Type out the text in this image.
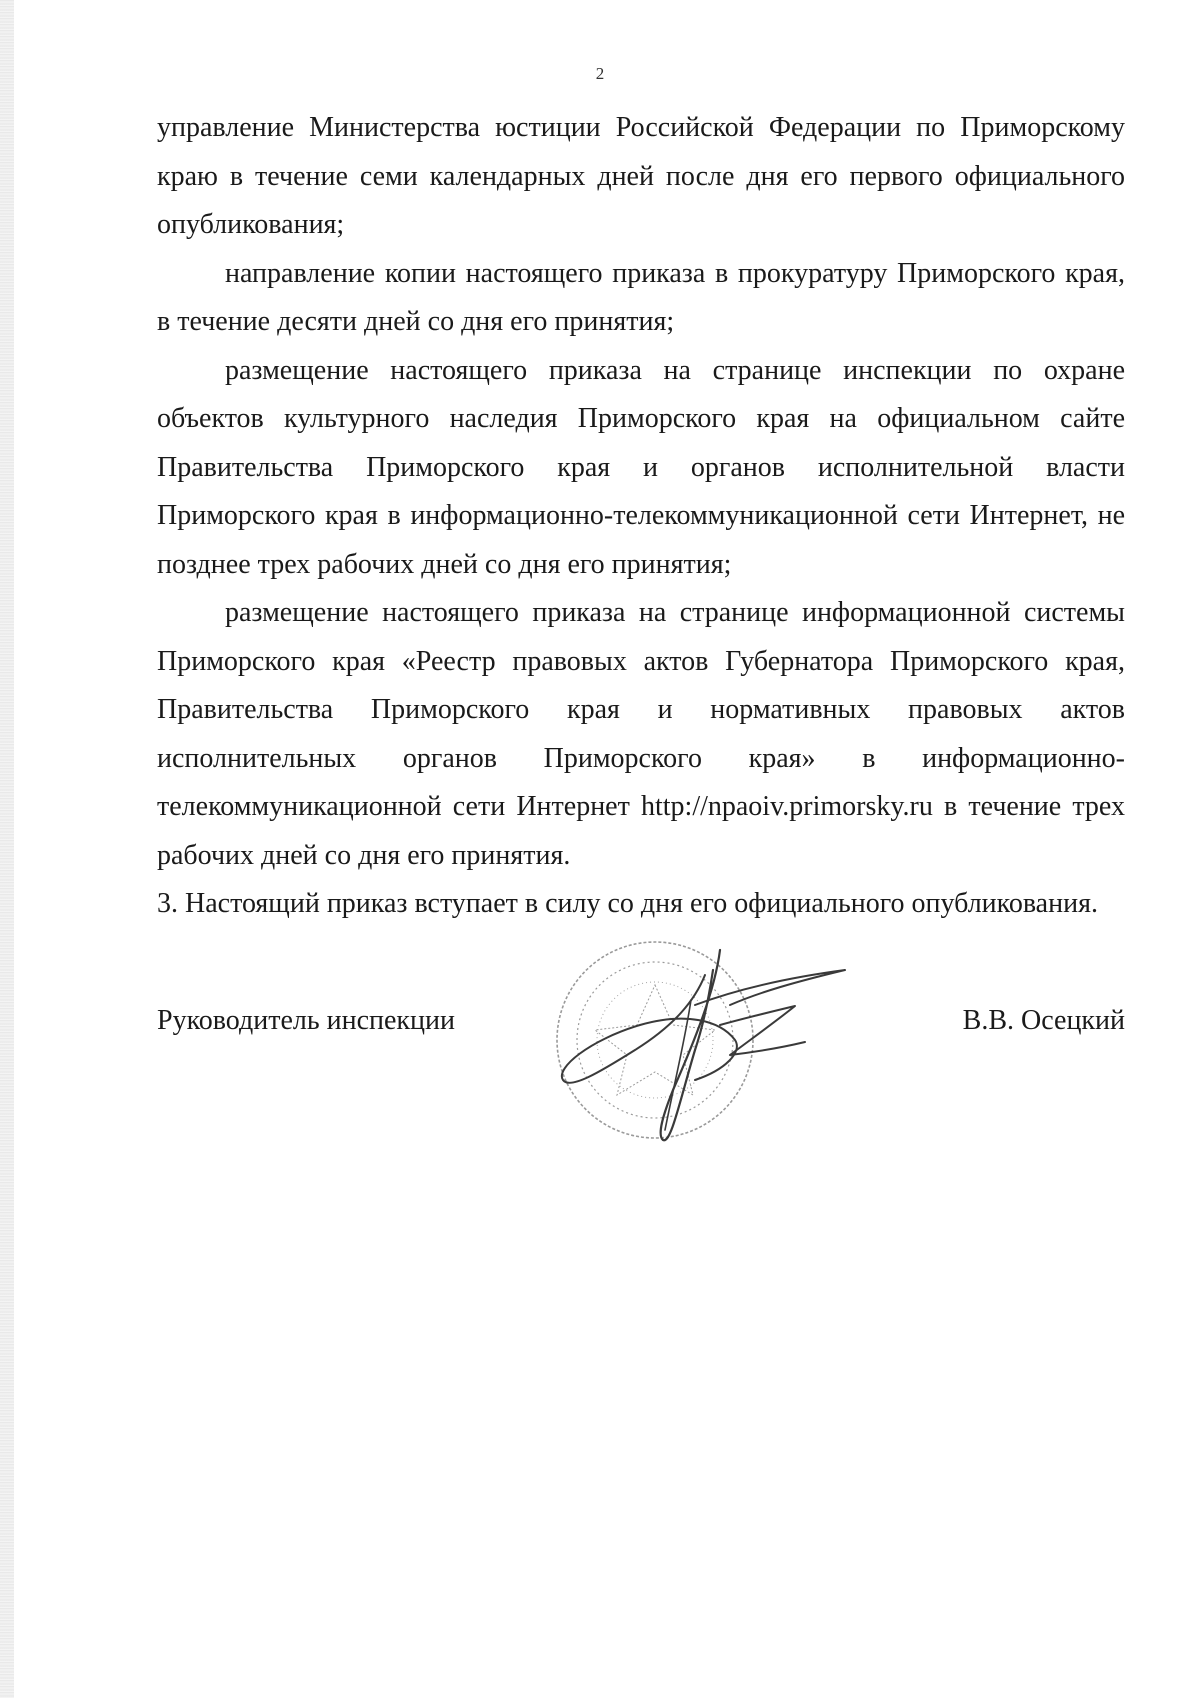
2

управление Министерства юстиции Российской Федерации по Приморскому краю в течение семи календарных дней после дня его первого официального опубликования;

направление копии настоящего приказа в прокуратуру Приморского края, в течение десяти дней со дня его принятия;

размещение настоящего приказа на странице инспекции по охране объектов культурного наследия Приморского края на официальном сайте Правительства Приморского края и органов исполнительной власти Приморского края в информационно-телекоммуникационной сети Интернет, не позднее трех рабочих дней со дня его принятия;

размещение настоящего приказа на странице информационной системы Приморского края «Реестр правовых актов Губернатора Приморского края, Правительства Приморского края и нормативных правовых актов исполнительных органов Приморского края» в информационно-телекоммуникационной сети Интернет http://npaoiv.primorsky.ru в течение трех рабочих дней со дня его принятия.

3. Настоящий приказ вступает в силу со дня его официального опубликования.

Руководитель инспекции	В.В. Осецкий
